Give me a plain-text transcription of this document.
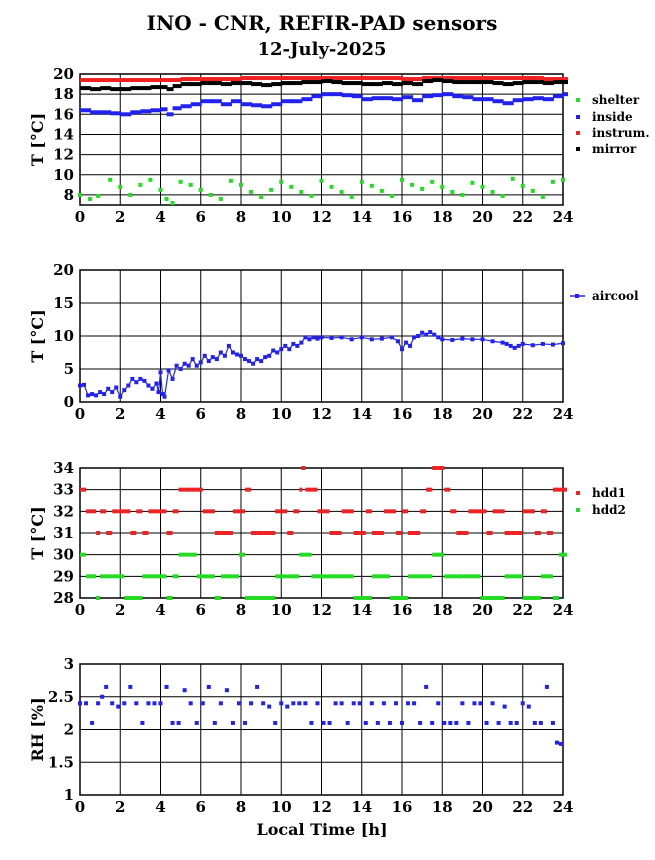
INO - CNR, REFIR-PAD sensors
12-July-2025
Local Time [h]
0 2 4 6 8 10 12 14 16 18 20 22 24
8
10
12
14
16
18
20
T [°C]
shelter
inside
instrum.
mirror
0 2 4 6 8 10 12 14 16 18 20 22 24
0
5
10
15
20
T [°C]
aircool
0 2 4 6 8 10 12 14 16 18 20 22 24
28
29
30
31
32
33
34
T [°C]
hdd1
hdd2
0 2 4 6 8 10 12 14 16 18 20 22 24
1
1.5
2
2.5
3
RH [%]
